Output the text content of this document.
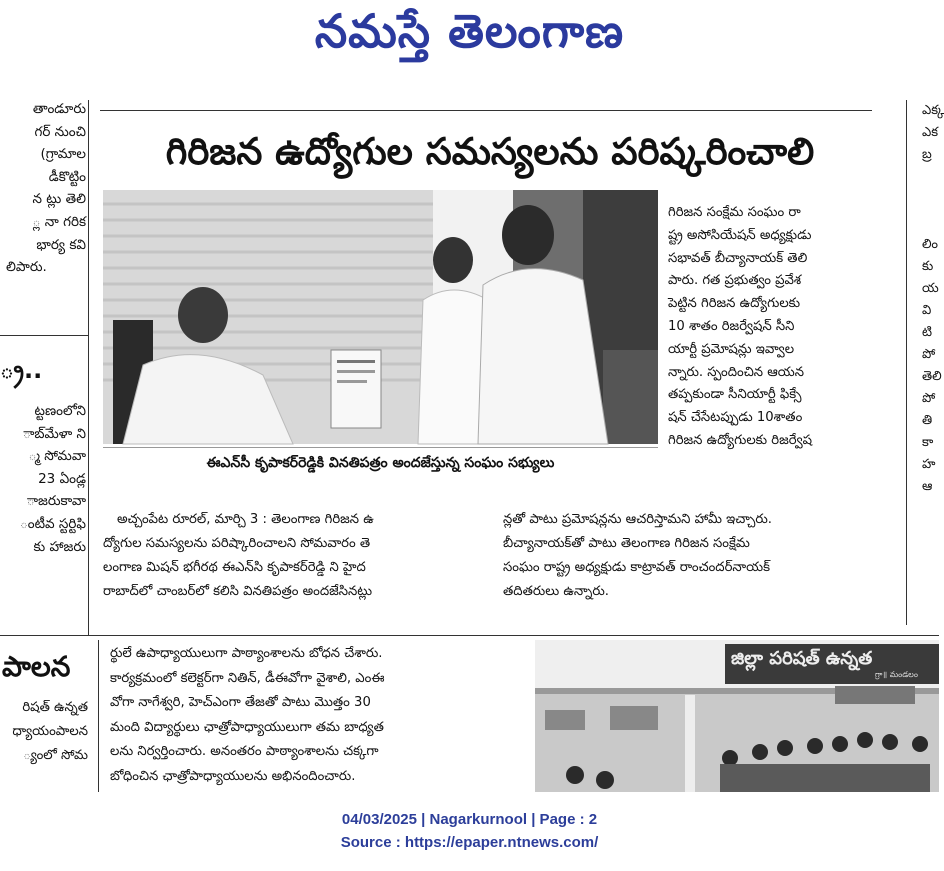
నమస్తే తెలంగాణ
తాండూరు
గర్ నుంచి
(గ్రామాల
డీకొట్టిం
న ట్లు తెలి
్ల నా గరిక
భార్య కవి
లిపారు.
్ర..
ట్టణంలోని
ాబ్‌మేళా ని
్మ సోమవా
23 ఏండ్ల
ాజరుకావా
ంటీవ స్టర్టిఫి
కు హాజరు
గిరిజన ఉద్యోగుల సమస్యలను పరిష్కరించాలి
ఈఎన్‌సీ కృపాకర్‌రెడ్డికి వినతిపత్రం అందజేస్తున్న సంఘం సభ్యులు
గిరిజన సంక్షేమ సంఘం రా
ష్ట్ర అసోసియేషన్ అధ్యక్షుడు
సభావత్ బీచ్యానాయక్ తెలి
పారు. గత ప్రభుత్వం ప్రవేశ
పెట్టిన గిరిజన ఉద్యోగులకు
10 శాతం రిజర్వేషన్ సీని
యార్టీ ప్రమోషన్లు ఇవ్వాల
న్నారు. స్పందించిన ఆయన
తప్పకుండా సీనియార్టీ ఫిక్సే
షన్ చేసేటప్పుడు 10శాతం
గిరిజన ఉద్యోగులకు రిజర్వేష
అచ్చంపేట రూరల్, మార్చి 3 : తెలంగాణ గిరిజన ఉ
ద్యోగుల సమస్యలను పరిష్కారించాలని సోమవారం తె
లంగాణ మిషన్ భగీరథ ఈఎన్‌సి కృపాకర్‌రెడ్డి ని హైద
రాబాద్‌లో చాంబర్‌లో కలిసి వినతిపత్రం అందజేసినట్లు
న్లతో పాటు ప్రమోషన్లను ఆచరిస్తామని హామీ ఇచ్చారు.
బీచ్యానాయక్‌తో పాటు తెలంగాణ గిరిజన సంక్షేమ
సంఘం రాష్ట్ర అధ్యక్షుడు కాట్రావత్ రాంచందర్‌నాయక్
తదితరులు ఉన్నారు.
ఎక్క
ఎక
బ్ర
లిం
కు
య
వి
టి
పో
తెలి
పో
తి
కా
హ
ఆ
పాలన
రిషత్ ఉన్నత
ధ్యాయంపాలన
్యంలో సోమ
ర్థులే ఉపాధ్యాయులుగా పాఠ్యాంశాలను బోధన చేశారు.
కార్యక్రమంలో కలెక్టర్‌గా నితిన్, డీఈవోగా వైశాలి, ఎంఈ
వోగా నాగేశ్వరి, హెచ్‌ఎంగా తేజతో పాటు మొత్తం 30
మంది విద్యార్థులు ఛాత్రోపాధ్యాయులుగా తమ బాధ్యత
లను నిర్వర్తించారు. అనంతరం పాఠ్యాంశాలను చక్కగా
బోధించిన ఛాత్రోపాధ్యాయులను అభినందించారు.
జిల్లా పరిషత్ ఉన్నత
గ్రా॥ మండలం
04/03/2025 | Nagarkurnool | Page : 2
Source : https://epaper.ntnews.com/
